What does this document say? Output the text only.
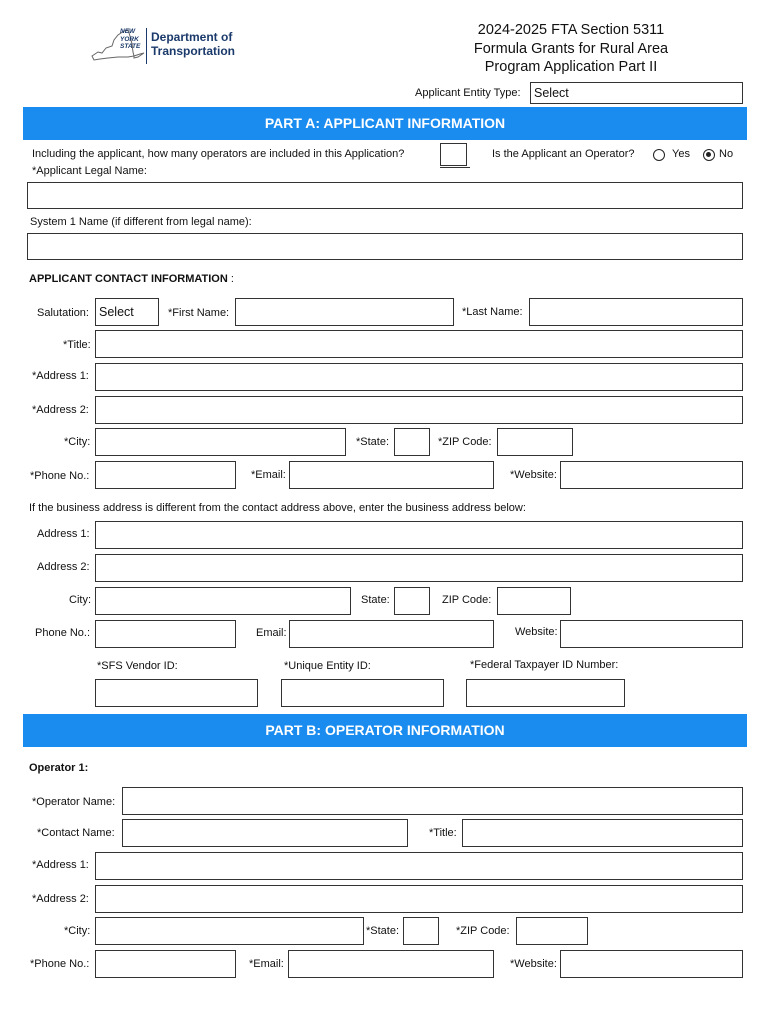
NEW
YORK
STATE
Department of
Transportation
2024-2025 FTA Section 5311
Formula Grants for Rural Area
Program Application Part II
Applicant Entity Type:	Select
PART A: APPLICANT INFORMATION
Including the applicant, how many operators are included in this Application?	Is the Applicant an Operator?	Yes	No
*Applicant Legal Name:
System 1 Name (if different from legal name):
APPLICANT CONTACT INFORMATION :
Salutation: Select	*First Name:	*Last Name:
*Title:
*Address 1:
*Address 2:
*City:	*State:	*ZIP Code:
*Phone No.:	*Email:	*Website:
If the business address is different from the contact address above, enter the business address below:
Address 1:
Address 2:
City:	State:	ZIP Code:
Phone No.:	Email:	Website:
*SFS Vendor ID:	*Unique Entity ID:	*Federal Taxpayer ID Number:
PART B: OPERATOR INFORMATION
Operator 1:
*Operator Name:
*Contact Name:	*Title:
*Address 1:
*Address 2:
*City:	*State:	*ZIP Code:
*Phone No.:	*Email:	*Website:
